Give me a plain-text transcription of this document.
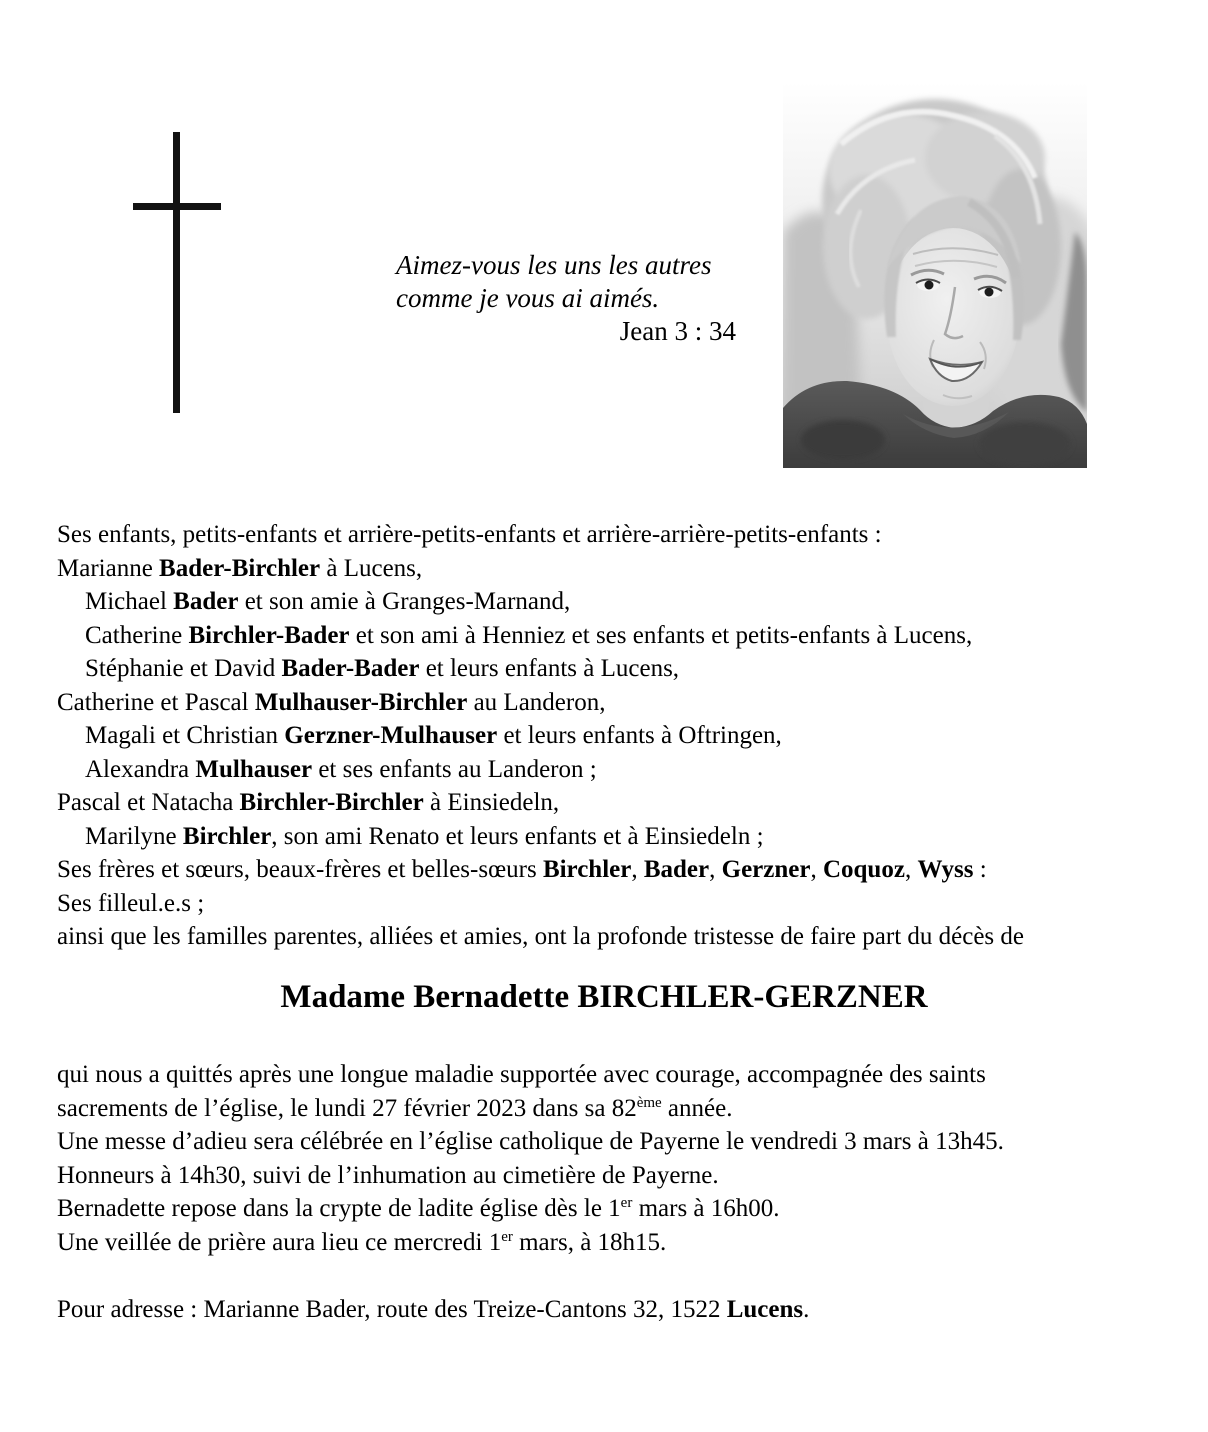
Aimez-vous les uns les autres
comme je vous ai aimés.
Jean 3 : 34
Ses enfants, petits-enfants et arrière-petits-enfants et arrière-arrière-petits-enfants :
Marianne Bader-Birchler à Lucens,
Michael Bader et son amie à Granges-Marnand,
Catherine Birchler-Bader et son ami à Henniez et ses enfants et petits-enfants à Lucens,
Stéphanie et David Bader-Bader et leurs enfants à Lucens,
Catherine et Pascal Mulhauser-Birchler au Landeron,
Magali et Christian Gerzner-Mulhauser et leurs enfants à Oftringen,
Alexandra Mulhauser et ses enfants au Landeron ;
Pascal et Natacha Birchler-Birchler à Einsiedeln,
Marilyne Birchler, son ami Renato et leurs enfants et à Einsiedeln ;
Ses frères et sœurs, beaux-frères et belles-sœurs Birchler, Bader, Gerzner, Coquoz, Wyss :
Ses filleul.e.s ;
ainsi que les familles parentes, alliées et amies, ont la profonde tristesse de faire part du décès de
Madame Bernadette BIRCHLER-GERZNER
qui nous a quittés après une longue maladie supportée avec courage, accompagnée des saints
sacrements de l’église, le lundi 27 février 2023 dans sa 82ème année.
Une messe d’adieu sera célébrée en l’église catholique de Payerne le vendredi 3 mars à 13h45.
Honneurs à 14h30, suivi de l’inhumation au cimetière de Payerne.
Bernadette repose dans la crypte de ladite église dès le 1er mars à 16h00.
Une veillée de prière aura lieu ce mercredi 1er mars, à 18h15.
Pour adresse : Marianne Bader, route des Treize-Cantons 32, 1522 Lucens.
